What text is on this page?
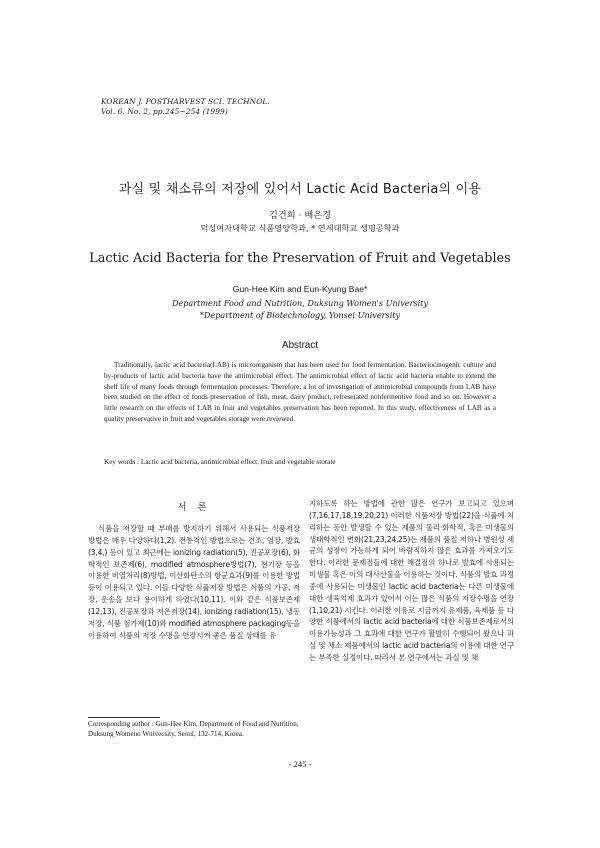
KOREAN J. POSTHARVEST SCI. TECHNOL.
Vol. 6. No. 2, pp.245~254 (1999)
과실 및 채소류의 저장에 있어서 Lactic Acid Bacteria의 이용
김건희 · 배은경
덕성여자대학교 식품영양학과, * 연세대학교 생명공학과
Lactic Acid Bacteria for the Preservation of Fruit and Vegetables
Gun-Hee Kim and Eun-Kyung Bae*
Department Food and Nutrition, Duksung Women's University
*Department of Biotechnology, Yonsei University
Abstract
Traditionally, lactic acid bacteria(LAB) is microorganism that has been used for food fermentation. Bacteriocinogenic culture and by-products of lactic acid bacteria have the antimicrobial effect. The antimicrobial effect of lactic acid bacteria enable to extend the shelf life of many foods through fermentation processes. Therefore, a lot of investigation of antimicrobial compounds from LAB have been studied on the effect of foods preservation of fish, meat, dairy product, refreserated nonfermentive food and so on. However a little research on the effects of LAB in fruit and vegetables preservation has been reported. In this study, effectiveness of LAB as a quality preservative in fruit and vegetables storage were reviewed.
Key words : Lactic acid bacteria, antimicrobial effect, fruit and vegetable storate
서 론
식품을 저장할 때 부패를 방지하기 위해서 사용되는 식품저장 방법은 매우 다양하다(1,2). 전통적인 방법으로는 건조, 염장, 발효(3,4,) 등이 있고 최근에는 ionizing radiation(5), 진공포장(6), 화학적인 보존제(6), modified atmosphere방법(7), 전기장 등을 이용한 비열처리(8)방법, 이산화탄소의 항균효과(9)를 이용한 방법 등이 이용되고 있다. 이들 다양한 식품저장 방법은 식품의 가공, 저장, 운송을 보다 용이하게 하였다(10,11). 이와 같은 식품보존제(12,13), 진공포장과 저온저장(14), ionizing radiation(15), 냉동저장, 식품 첨가제(10)와 modified atmosphere packaging등을 이용하여 식품의 저장 수명을 연장시켜 좋은 품질 상태를 유
지하도록 하는 방법에 관한 많은 연구가 보고되고 있으며(7,16,17,18,19,20,21) 이러한 식품저장 방법(22)을 식품에 처리하는 동안 발생할 수 있는 제품의 물리·화학적, 혹은 미생물의 생태학적인 변화(21,23,24,25)는 제품의 품질 저하나 병원성 세균의 성장이 가능하게 되어 바람직하지 않은 효과를 가져오기도 한다. 이러한 문제점들에 대한 해결점의 하나로 발효에 사용되는 미생물 혹은 이의 대사산물을 이용하는 것이다. 식품의 발효 과정 중에 사용되는 미생물인 lactic acid bacteria는 다른 미생물에 대한 생육억제 효과가 있어서 이는 많은 식품의 저장수명을 연장(1,10,21) 시킨다. 이러한 이유로 지금까지 유제품, 육제품 등 다양한 식품에서의 lactic acid bacteria에 대한 식품보존제로서의 이용가능성과 그 효과에 대한 연구가 활발히 수행되어 왔으나 과실 및 채소 제품에서의 lactic acid bacteria의 이용에 대한 연구는 부족한 실정이다. 따라서 본 연구에서는 과실 및 채
Corresponding author : Gun-Hee Kim, Department of Food and Nutrition, Duksung Womeno Wnivecsity, Seoul, 132-714, Korea.
- 245 -
